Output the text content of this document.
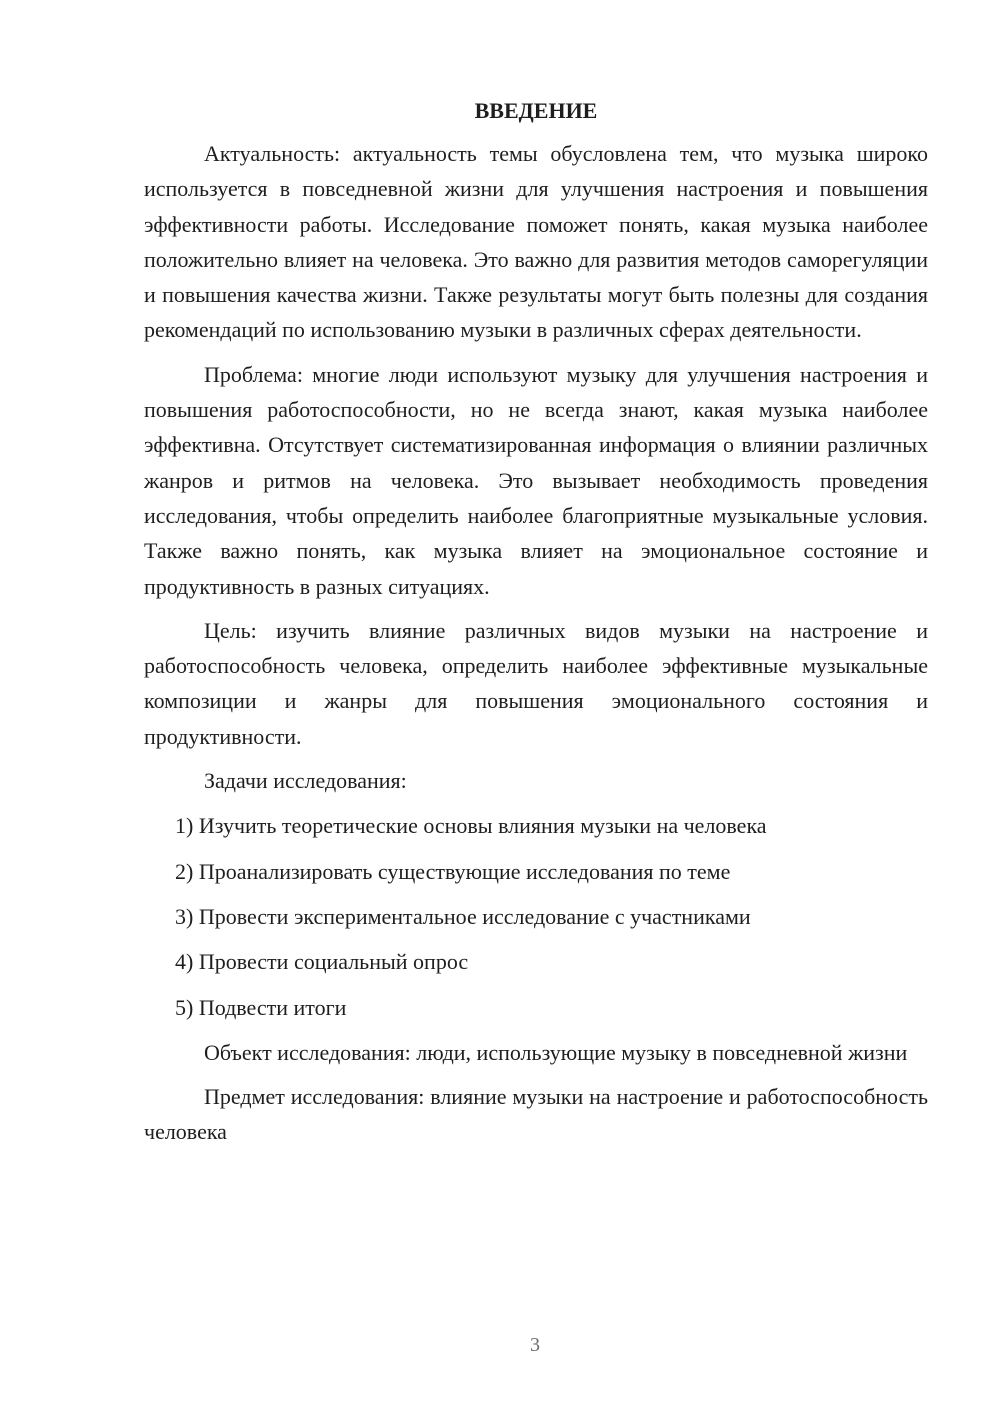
ВВЕДЕНИЕ

Актуальность: актуальность темы обусловлена тем, что музыка широко используется в повседневной жизни для улучшения настроения и повышения эффективности работы. Исследование поможет понять, какая музыка наиболее положительно влияет на человека. Это важно для развития методов саморегуляции и повышения качества жизни. Также результаты могут быть полезны для создания рекомендаций по использованию музыки в различных сферах деятельности.

Проблема: многие люди используют музыку для улучшения настроения и повышения работоспособности, но не всегда знают, какая музыка наиболее эффективна. Отсутствует систематизированная информация о влиянии различных жанров и ритмов на человека. Это вызывает необходимость проведения исследования, чтобы определить наиболее благоприятные музыкальные условия. Также важно понять, как музыка влияет на эмоциональное состояние и продуктивность в разных ситуациях.

Цель: изучить влияние различных видов музыки на настроение и работоспособность человека, определить наиболее эффективные музыкальные композиции и жанры для повышения эмоционального состояния и продуктивности.

Задачи исследования:

1) Изучить теоретические основы влияния музыки на человека
2) Проанализировать существующие исследования по теме
3) Провести экспериментальное исследование с участниками
4) Провести социальный опрос
5) Подвести итоги

Объект исследования: люди, использующие музыку в повседневной жизни

Предмет исследования: влияние музыки на настроение и работоспособность человека

3
